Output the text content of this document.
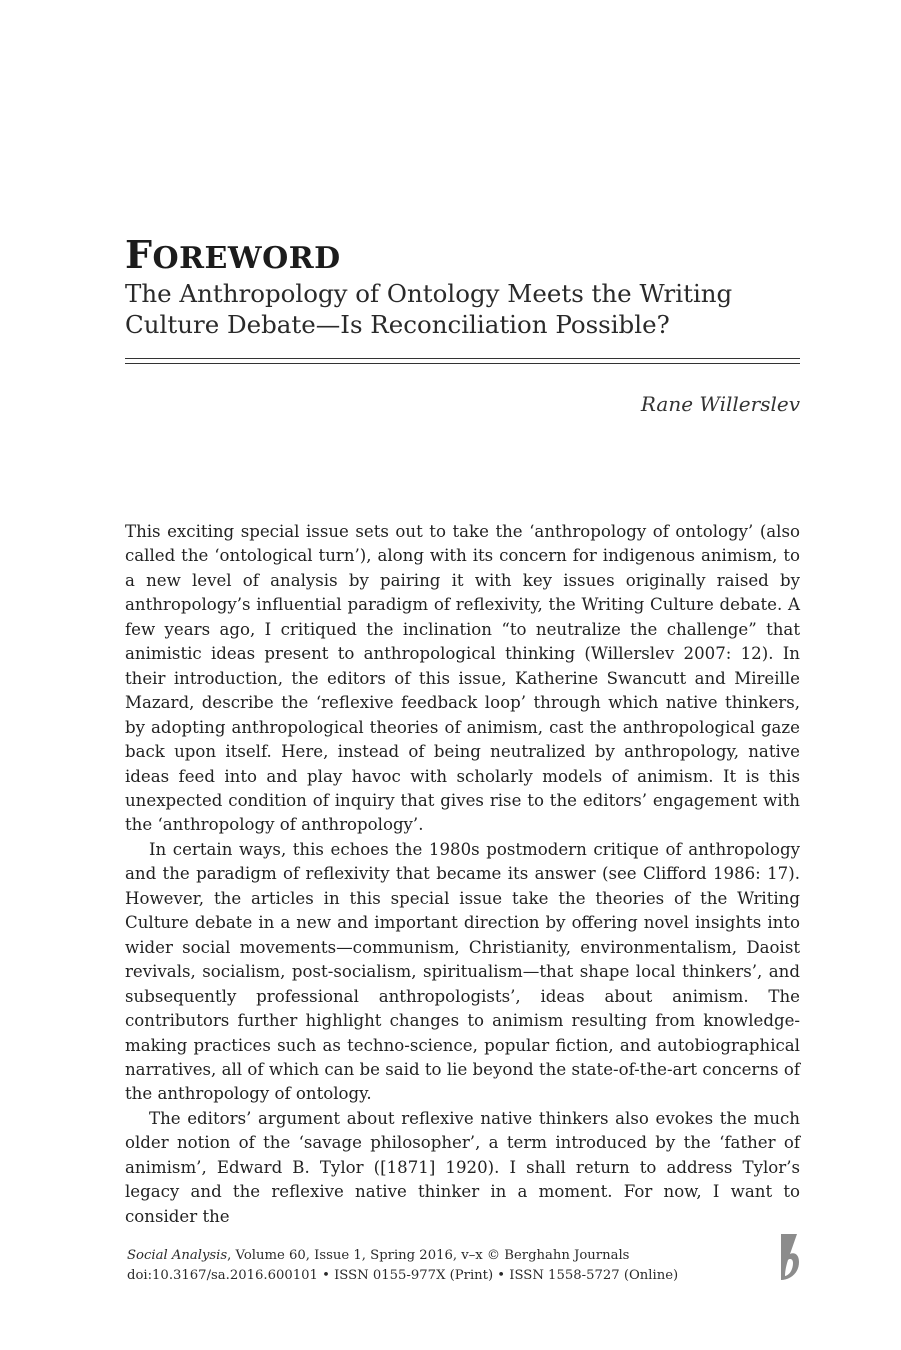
FOREWORD
The Anthropology of Ontology Meets the Writing Culture Debate—Is Reconciliation Possible?
Rane Willerslev

This exciting special issue sets out to take the ‘anthropology of ontology’ (also called the ‘ontological turn’), along with its concern for indigenous animism, to a new level of analysis by pairing it with key issues originally raised by anthropology’s influential paradigm of reflexivity, the Writing Culture debate. A few years ago, I critiqued the inclination “to neutralize the challenge” that animistic ideas present to anthropological thinking (Willerslev 2007: 12). In their introduction, the editors of this issue, Katherine Swancutt and Mireille Mazard, describe the ‘reflexive feedback loop’ through which native thinkers, by adopting anthropological theories of animism, cast the anthropological gaze back upon itself. Here, instead of being neutralized by anthropology, native ideas feed into and play havoc with scholarly models of animism. It is this unexpected condition of inquiry that gives rise to the editors’ engagement with the ‘anthropology of anthropology’.

In certain ways, this echoes the 1980s postmodern critique of anthropology and the paradigm of reflexivity that became its answer (see Clifford 1986: 17). However, the articles in this special issue take the theories of the Writing Culture debate in a new and important direction by offering novel insights into wider social movements—communism, Christianity, environmentalism, Daoist revivals, socialism, post-socialism, spiritualism—that shape local thinkers’, and subsequently professional anthropologists’, ideas about animism. The contributors further highlight changes to animism resulting from knowledge-making practices such as techno-science, popular fiction, and autobiographical narratives, all of which can be said to lie beyond the state-of-the-art concerns of the anthropology of ontology.

The editors’ argument about reflexive native thinkers also evokes the much older notion of the ‘savage philosopher’, a term introduced by the ‘father of animism’, Edward B. Tylor ([1871] 1920). I shall return to address Tylor’s legacy and the reflexive native thinker in a moment. For now, I want to consider the

Social Analysis, Volume 60, Issue 1, Spring 2016, v–x © Berghahn Journals
doi:10.3167/sa.2016.600101 • ISSN 0155-977X (Print) • ISSN 1558-5727 (Online)
